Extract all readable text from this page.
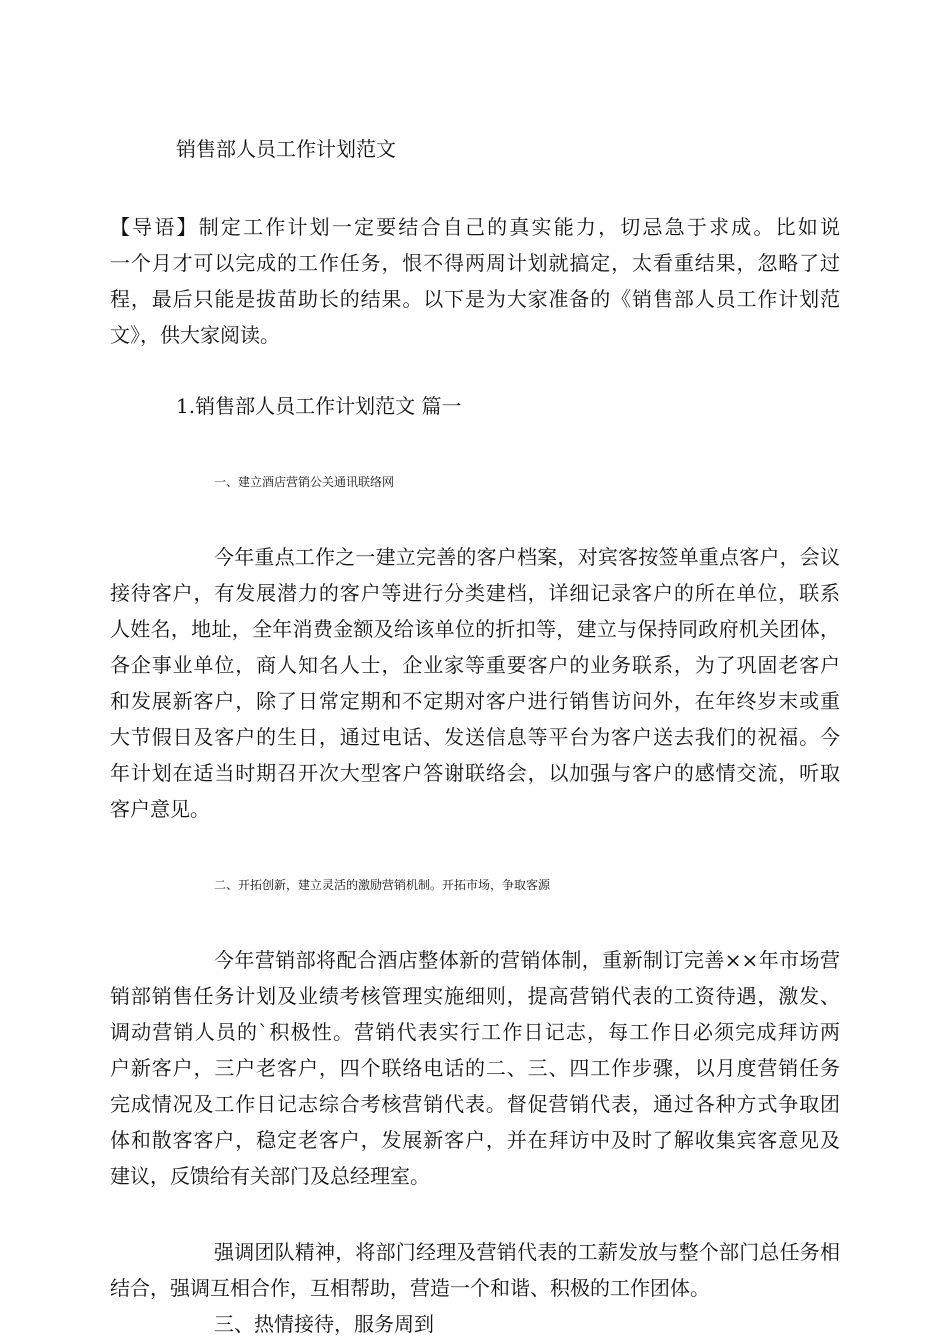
销售部人员工作计划范文
【导语】制定工作计划一定要结合自己的真实能力，切忌急于求成。比如说
一个月才可以完成的工作任务，恨不得两周计划就搞定，太看重结果，忽略了过
程，最后只能是拔苗助长的结果。以下是为大家准备的《销售部人员工作计划范
文》，供大家阅读。
1.销售部人员工作计划范文 篇一
一、建立酒店营销公关通讯联络网
今年重点工作之一建立完善的客户档案，对宾客按签单重点客户，会议
接待客户，有发展潜力的客户等进行分类建档，详细记录客户的所在单位，联系
人姓名，地址，全年消费金额及给该单位的折扣等，建立与保持同政府机关团体，
各企事业单位，商人知名人士，企业家等重要客户的业务联系，为了巩固老客户
和发展新客户，除了日常定期和不定期对客户进行销售访问外，在年终岁末或重
大节假日及客户的生日，通过电话、发送信息等平台为客户送去我们的祝福。今
年计划在适当时期召开次大型客户答谢联络会，以加强与客户的感情交流，听取
客户意见。
二、开拓创新，建立灵活的激励营销机制。开拓市场，争取客源
今年营销部将配合酒店整体新的营销体制，重新制订完善××年市场营
销部销售任务计划及业绩考核管理实施细则，提高营销代表的工资待遇，激发、
调动营销人员的`积极性。营销代表实行工作日记志，每工作日必须完成拜访两
户新客户，三户老客户，四个联络电话的二、三、四工作步骤，以月度营销任务
完成情况及工作日记志综合考核营销代表。督促营销代表，通过各种方式争取团
体和散客客户，稳定老客户，发展新客户，并在拜访中及时了解收集宾客意见及
建议，反馈给有关部门及总经理室。
强调团队精神，将部门经理及营销代表的工薪发放与整个部门总任务相
结合，强调互相合作，互相帮助，营造一个和谐、积极的工作团体。
三、热情接待，服务周到
